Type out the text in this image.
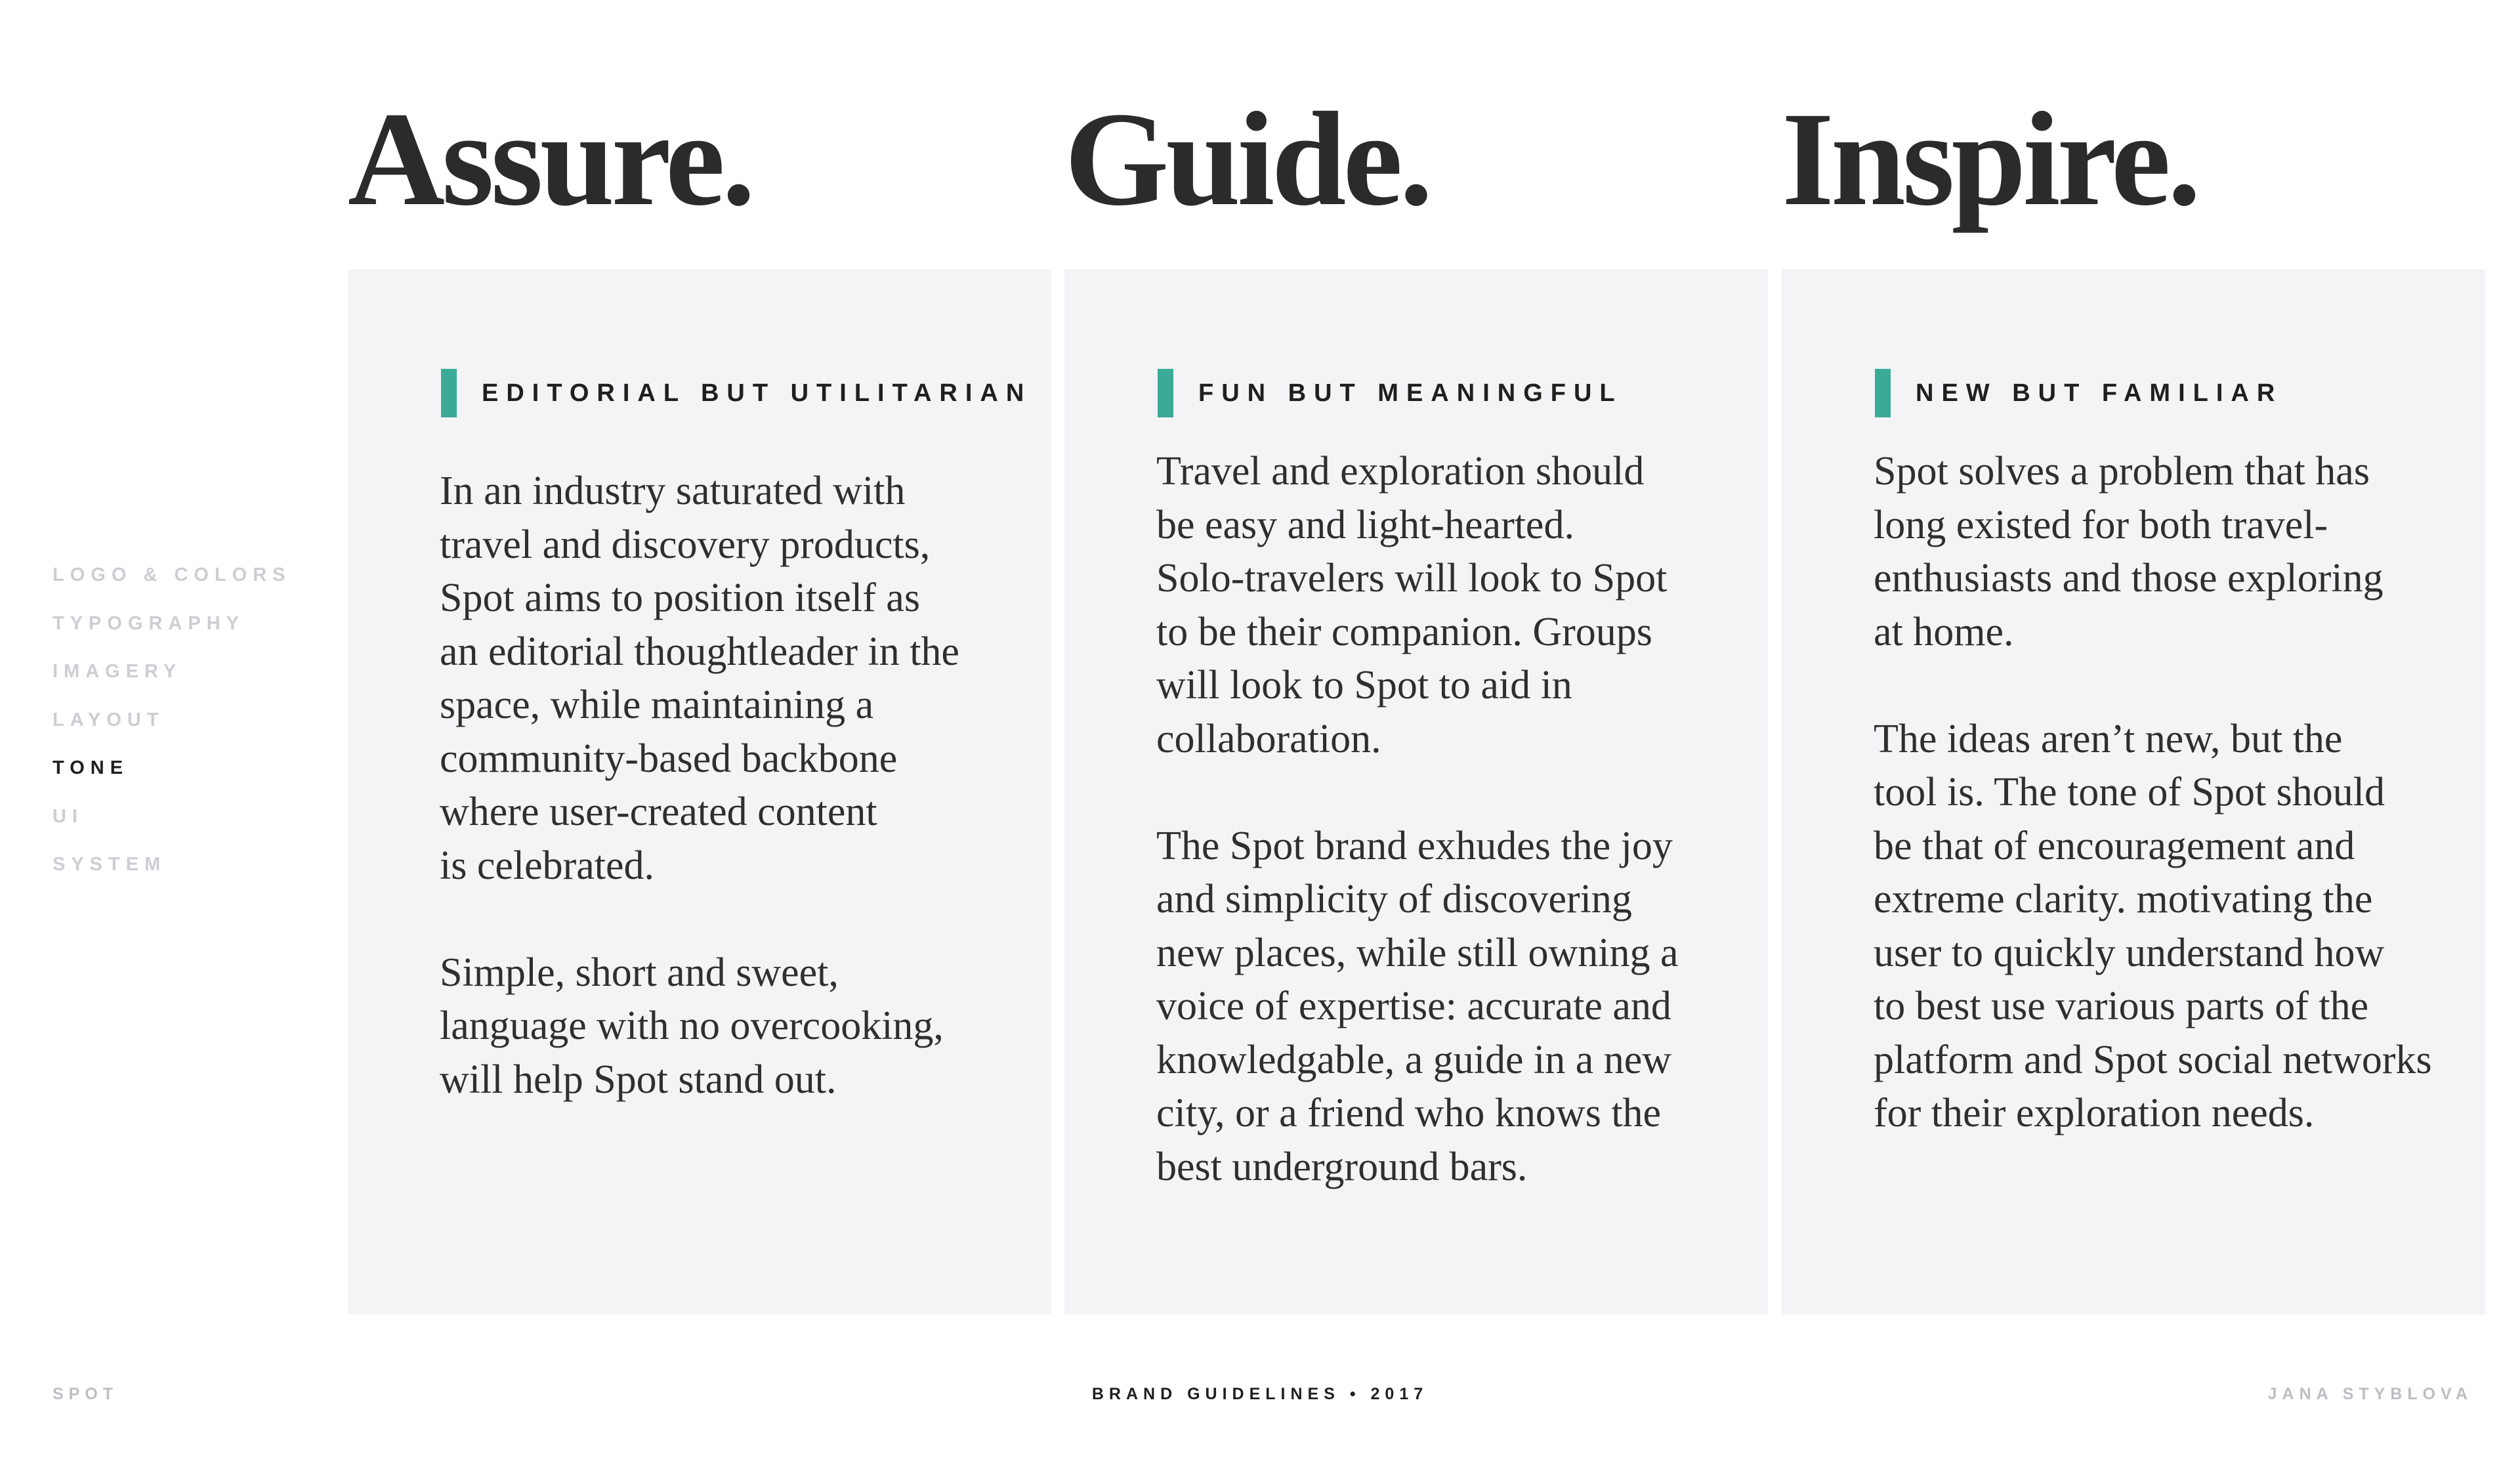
Assure. Guide.	Inspire.
LOGO & COLORS
TYPOGRAPHY
IMAGERY
LAYOUT
TONE
UI
SYSTEM
EDITORIAL BUT UTILITARIAN

In an industry saturated with
travel and discovery products,
Spot aims to position itself as
an editorial thoughtleader in the
space, while maintaining a
community-based backbone
where user-created content
is celebrated.

Simple, short and sweet,
language with no overcooking,
will help Spot stand out.

FUN BUT MEANINGFUL

Travel and exploration should
be easy and light-hearted.
Solo-travelers will look to Spot
to be their companion. Groups
will look to Spot to aid in
collaboration.

The Spot brand exhudes the joy
and simplicity of discovering
new places, while still owning a
voice of expertise: accurate and
knowledgable, a guide in a new
city, or a friend who knows the
best underground bars.

NEW BUT FAMILIAR

Spot solves a problem that has
long existed for both travel-
enthusiasts and those exploring
at home.

The ideas aren’t new, but the
tool is. The tone of Spot should
be that of encouragement and
extreme clarity. motivating the
user to quickly understand how
to best use various parts of the
platform and Spot social networks
for their exploration needs.

SPOT	BRAND GUIDELINES • 2017	JANA STYBLOVA
